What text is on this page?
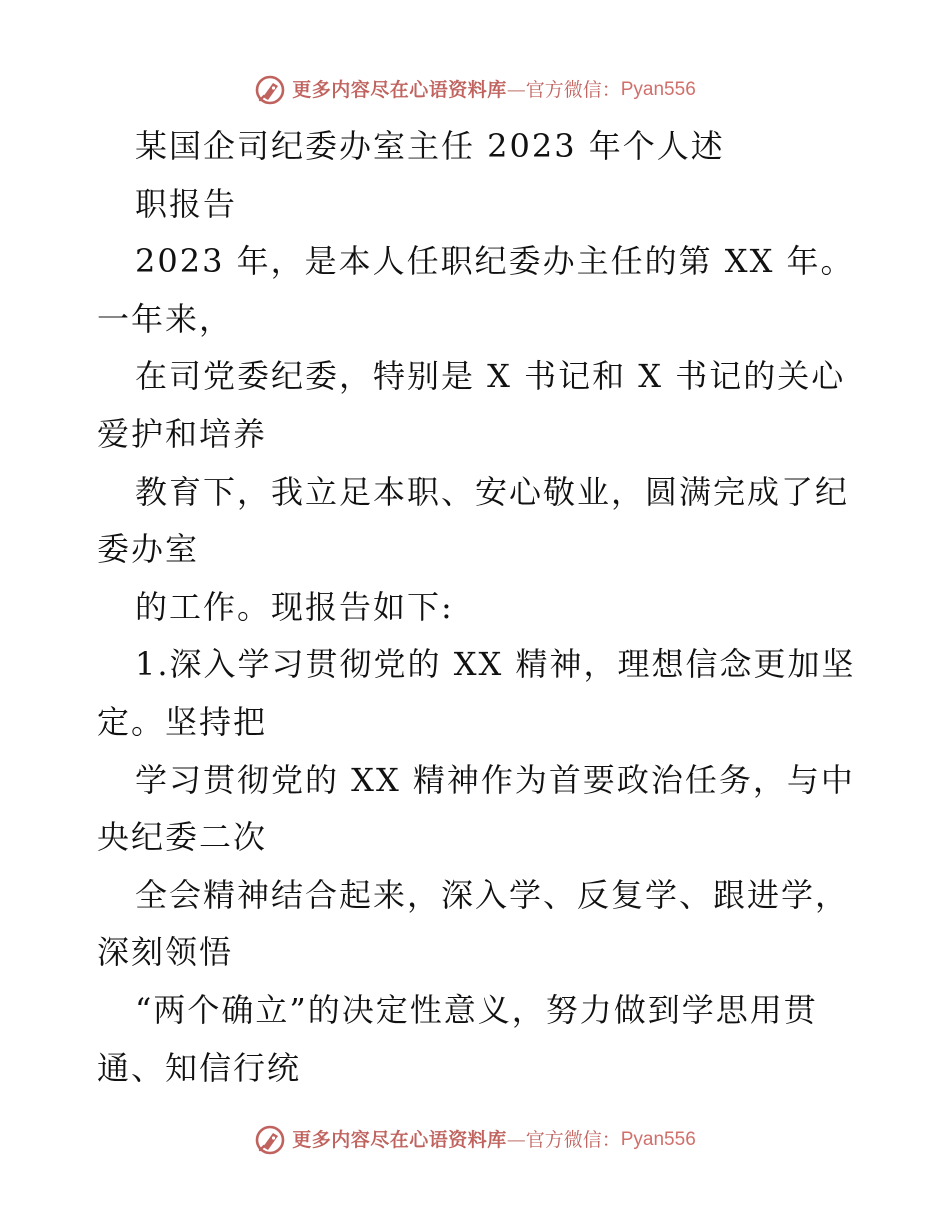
更多内容尽在心语资料库 — 官方微信： Pyan556
某国企司纪委办室主任 2023 年个人述
职报告
2023 年，是本人任职纪委办主任的第 XX 年。
一年来，
在司党委纪委，特别是 X 书记和 X 书记的关心
爱护和培养
教育下，我立足本职、安心敬业，圆满完成了纪
委办室
的工作。现报告如下:
1.深入学习贯彻党的 XX 精神，理想信念更加坚
定。坚持把
学习贯彻党的 XX 精神作为首要政治任务，与中
央纪委二次
全会精神结合起来，深入学、反复学、跟进学，
深刻领悟
“两个确立”的决定性意义，努力做到学思用贯
通、知信行统
更多内容尽在心语资料库 — 官方微信： Pyan556
